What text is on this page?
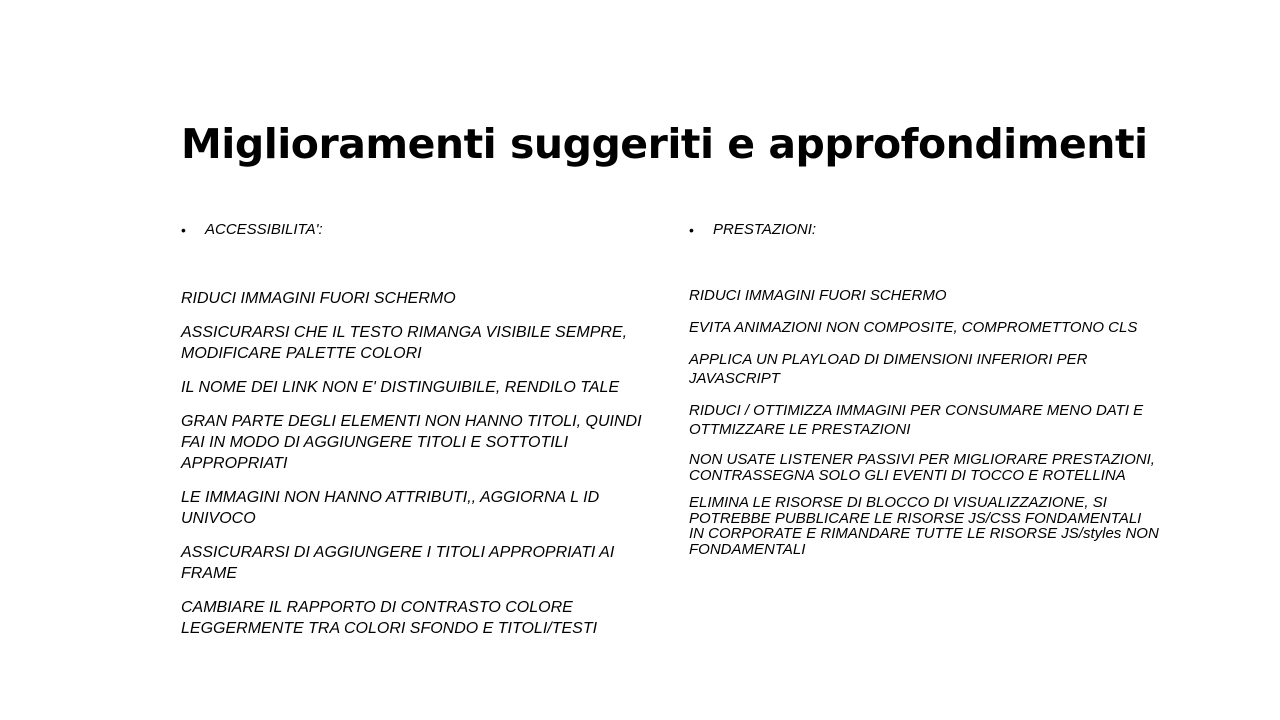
Miglioramenti suggeriti e approfondimenti
•	ACCESSIBILITA':
RIDUCI IMMAGINI FUORI SCHERMO
ASSICURARSI CHE IL TESTO RIMANGA VISIBILE SEMPRE, MODIFICARE PALETTE COLORI
IL NOME DEI LINK NON E' DISTINGUIBILE, RENDILO TALE
GRAN PARTE DEGLI ELEMENTI NON HANNO TITOLI, QUINDI FAI IN MODO DI AGGIUNGERE TITOLI E SOTTOTILI APPROPRIATI
LE IMMAGINI NON HANNO ATTRIBUTI,, AGGIORNA L ID UNIVOCO
ASSICURARSI DI AGGIUNGERE I TITOLI APPROPRIATI AI FRAME
CAMBIARE IL RAPPORTO DI CONTRASTO COLORE LEGGERMENTE TRA COLORI SFONDO E TITOLI/TESTI
•	PRESTAZIONI:
RIDUCI IMMAGINI FUORI SCHERMO
EVITA ANIMAZIONI NON COMPOSITE, COMPROMETTONO CLS
APPLICA UN PLAYLOAD DI DIMENSIONI INFERIORI PER JAVASCRIPT
RIDUCI / OTTIMIZZA IMMAGINI PER CONSUMARE MENO DATI E OTTMIZZARE LE PRESTAZIONI
NON USATE LISTENER PASSIVI PER MIGLIORARE PRESTAZIONI, CONTRASSEGNA SOLO GLI EVENTI DI TOCCO E ROTELLINA
ELIMINA LE RISORSE DI BLOCCO DI VISUALIZZAZIONE, SI POTREBBE PUBBLICARE LE RISORSE JS/CSS FONDAMENTALI IN CORPORATE E RIMANDARE TUTTE LE RISORSE JS/styles NON FONDAMENTALI
